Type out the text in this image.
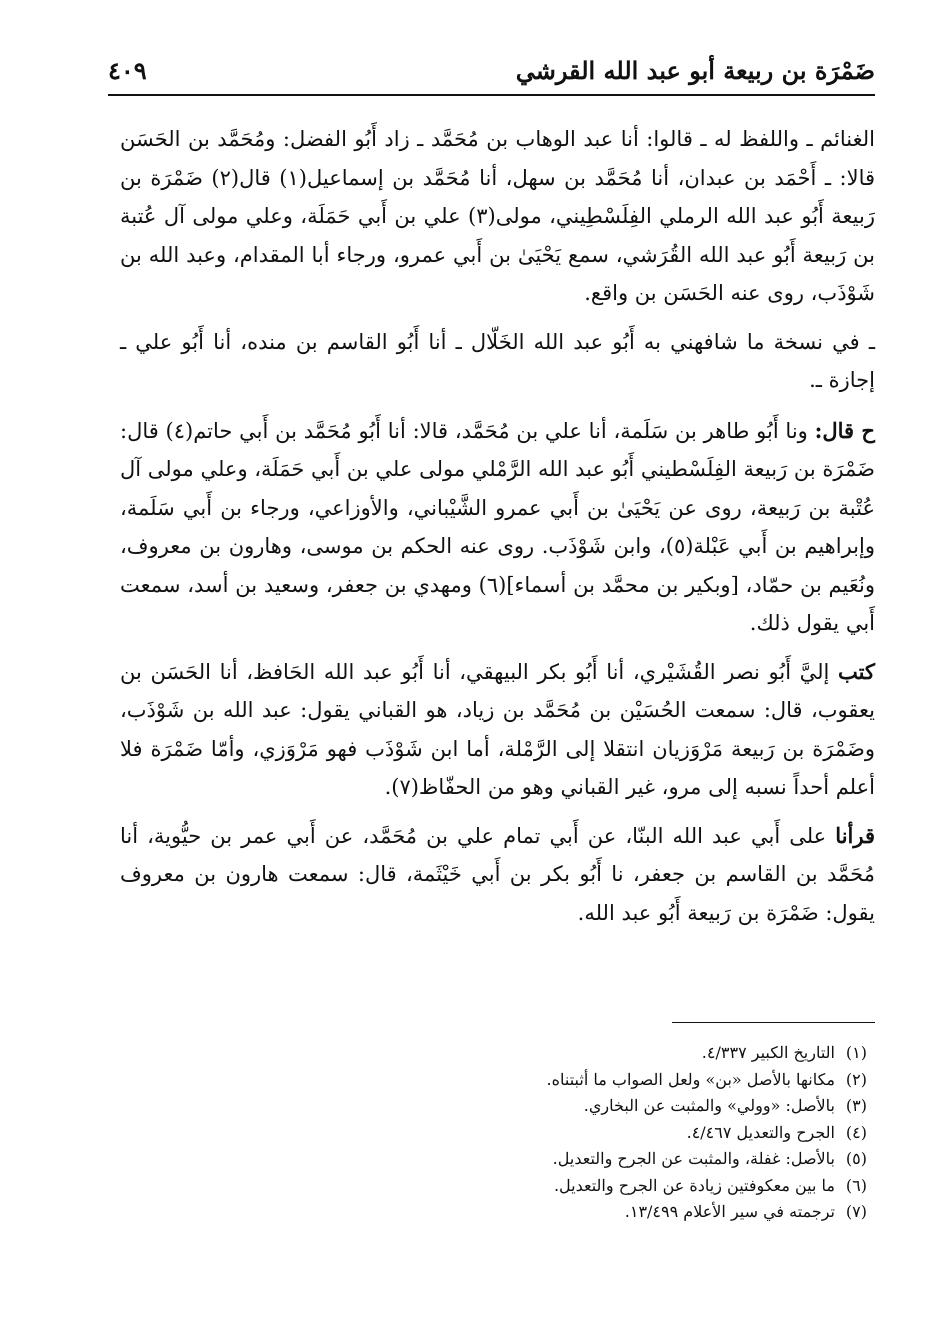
ضَمْرَة بن ربيعة أبو عبد الله القرشي
٤٠٩

الغنائم ـ واللفظ له ـ قالوا: أنا عبد الوهاب بن مُحَمَّد ـ زاد أَبُو الفضل: ومُحَمَّد بن الحَسَن قالا: ـ أَحْمَد بن عبدان، أنا مُحَمَّد بن سهل، أنا مُحَمَّد بن إسماعيل(١) قال(٢) ضَمْرَة بن رَبيعة أَبُو عبد الله الرملي الفِلَسْطِيني، مولى(٣) علي بن أَبي حَمَلَة، وعلي مولى آل عُتبة بن رَبيعة أَبُو عبد الله القُرَشي، سمع يَحْيَىٰ بن أَبي عمرو، ورجاء أبا المقدام، وعبد الله بن شَوْذَب، روى عنه الحَسَن بن واقع.

ـ في نسخة ما شافهني به أَبُو عبد الله الخَلّال ـ أنا أَبُو القاسم بن منده، أنا أَبُو علي ـ إجازة ـ.

ح قال: ونا أَبُو طاهر بن سَلَمة، أنا علي بن مُحَمَّد، قالا: أنا أَبُو مُحَمَّد بن أَبي حاتم(٤) قال: ضَمْرَة بن رَبيعة الفِلَسْطيني أَبُو عبد الله الرَّمْلي مولى علي بن أَبي حَمَلَة، وعلي مولى آل عُتْبة بن رَبيعة، روى عن يَحْيَىٰ بن أَبي عمرو الشَّيْباني، والأوزاعي، ورجاء بن أَبي سَلَمة، وإبراهيم بن أَبي عَبْلة(٥)، وابن شَوْذَب. روى عنه الحكم بن موسى، وهارون بن معروف، ونُعَيم بن حمّاد، [وبكير بن محمَّد بن أسماء](٦) ومهدي بن جعفر، وسعيد بن أسد، سمعت أَبي يقول ذلك.

كتب إليَّ أَبُو نصر القُشَيْري، أنا أَبُو بكر البيهقي، أنا أَبُو عبد الله الحَافظ، أنا الحَسَن بن يعقوب، قال: سمعت الحُسَيْن بن مُحَمَّد بن زياد، هو القباني يقول: عبد الله بن شَوْذَب، وضَمْرَة بن رَبيعة مَرْوَزيان انتقلا إلى الرَّمْلة، أما ابن شَوْذَب فهو مَرْوَزي، وأمّا ضَمْرَة فلا أعلم أحداً نسبه إلى مرو، غير القباني وهو من الحفّاظ(٧).

قرأنا على أَبي عبد الله البنّا، عن أَبي تمام علي بن مُحَمَّد، عن أَبي عمر بن حيُّوية، أنا مُحَمَّد بن القاسم بن جعفر، نا أَبُو بكر بن أَبي خَيْثَمة، قال: سمعت هارون بن معروف يقول: ضَمْرَة بن رَبيعة أَبُو عبد الله.

( ١ )
التاريخ الكبير ٤/٣٣٧.
( ٢ )
مكانها بالأصل «بن» ولعل الصواب ما أثبتناه.
( ٣ )
بالأصل: «وولي» والمثبت عن البخاري.
( ٤ )
الجرح والتعديل ٤/٤٦٧.
( ٥ )
بالأصل: غفلة، والمثبت عن الجرح والتعديل.
( ٦ )
ما بين معكوفتين زيادة عن الجرح والتعديل.
( ٧ )
ترجمته في سير الأعلام ١٣/٤٩٩.
